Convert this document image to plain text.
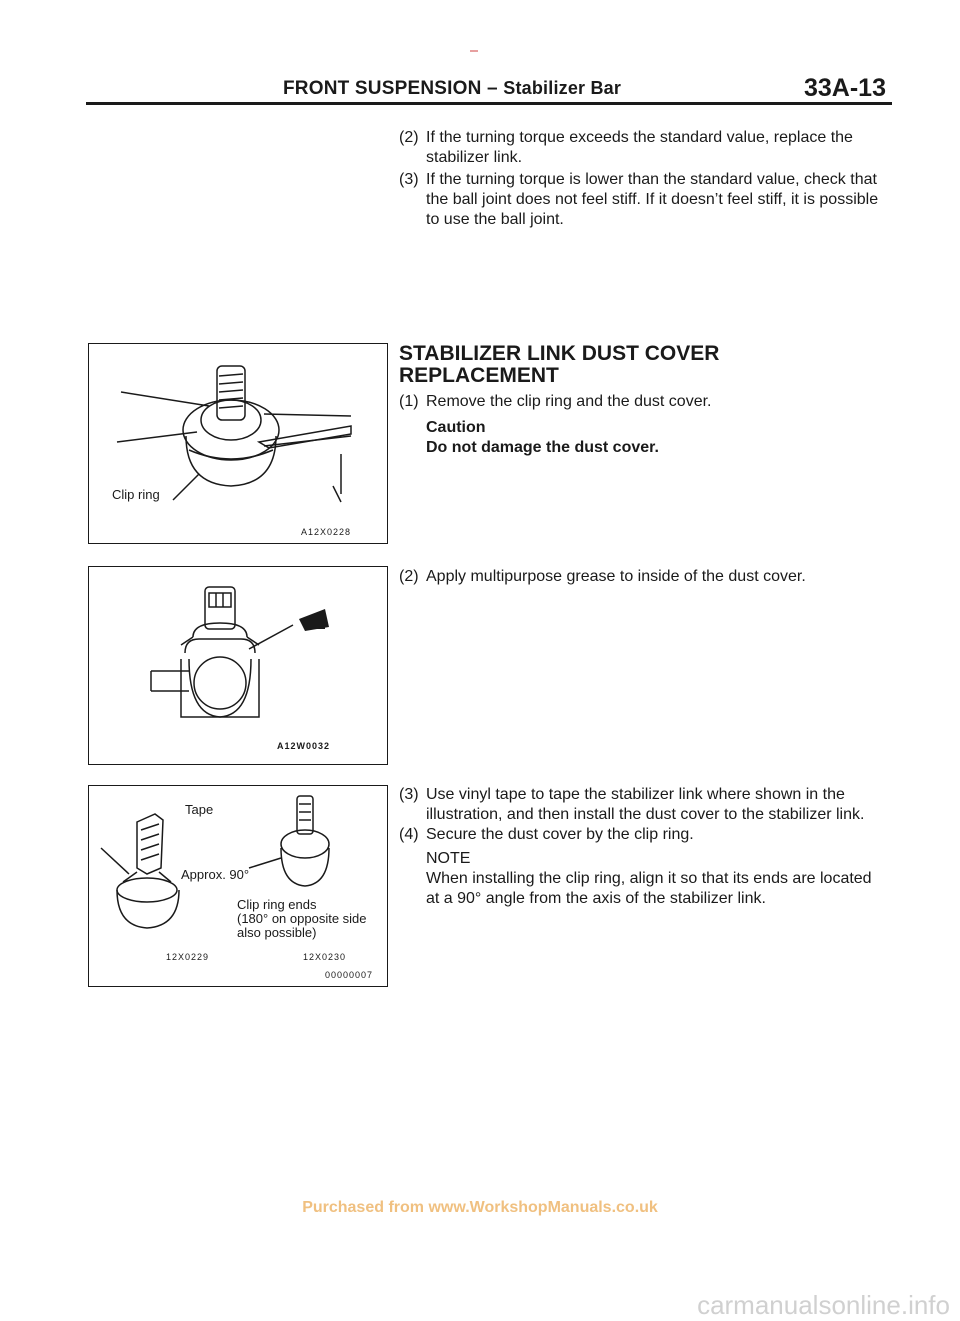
FRONT SUSPENSION – Stabilizer Bar	33A-13
(2) If the turning torque exceeds the standard value, replace the stabilizer link.
(3) If the turning torque is lower than the standard value, check that the ball joint does not feel stiff. If it doesn’t feel stiff, it is possible to use the ball joint.
STABILIZER LINK DUST COVER REPLACEMENT
(1) Remove the clip ring and the dust cover.
Caution
Do not damage the dust cover.
(2) Apply multipurpose grease to inside of the dust cover.
(3) Use vinyl tape to tape the stabilizer link where shown in the illustration, and then install the dust cover to the stabilizer link.
(4) Secure the dust cover by the clip ring.
NOTE
When installing the clip ring, align it so that its ends are located at a 90° angle from the axis of the stabilizer link.
Clip ring
A12X0228
A12W0032
Tape
Approx. 90°
Clip ring ends
(180° on opposite side
also possible)
12X0229	12X0230
00000007
Purchased from www.WorkshopManuals.co.uk
carmanualsonline.info
